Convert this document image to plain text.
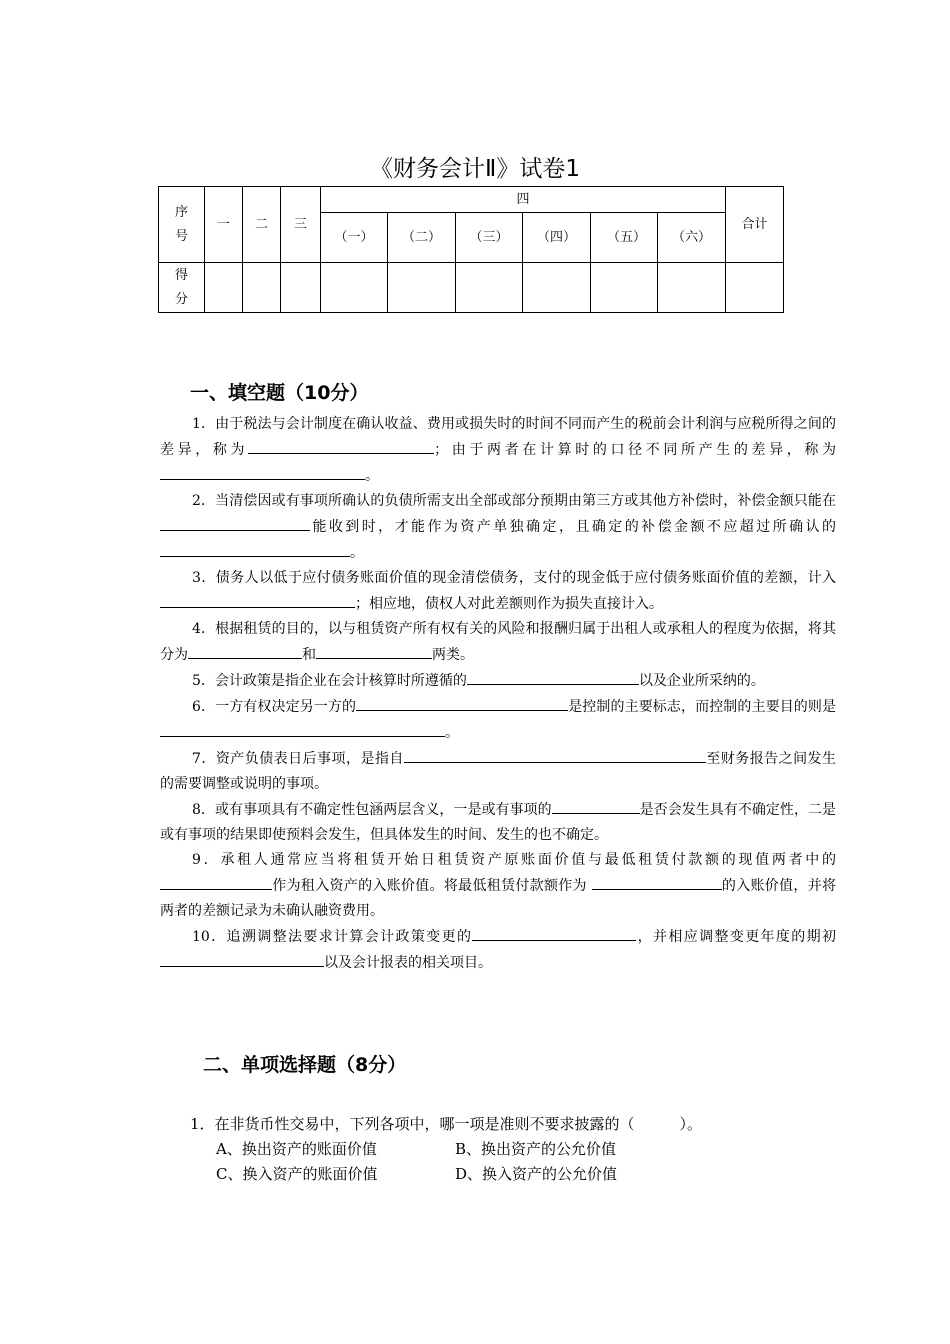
《财务会计Ⅱ》试卷1
序号	一	二	三	四						合计
				（一）	（二）	（三）	（四）	（五）	（六）	
得分										
一、填空题（10分）

1．由于税法与会计制度在确认收益、费用或损失时的时间不同而产生的税前会计利润与应税所得之间的差异，称为	；由于两者在计算时的口径不同所产生的差异，称为。

2．当清偿因或有事项所确认的负债所需支出全部或部分预期由第三方或其他方补偿时，补偿金额只能在能收到时，才能作为资产单独确定，且确定的补偿金额不应超过所确认的。

3．债务人以低于应付债务账面价值的现金清偿债务，支付的现金低于应付债务账面价值的差额，计入；相应地，债权人对此差额则作为损失直接计入。

4．根据租赁的目的，以与租赁资产所有权有关的风险和报酬归属于出租人或承租人的程度为依据，将其分为	和	两类。

5．会计政策是指企业在会计核算时所遵循的	以及企业所采纳的。

6．一方有权决定另一方的	是控制的主要标志，而控制的主要目的则是。

7．资产负债表日后事项，是指自	至财务报告之间发生的需要调整或说明的事项。

8．或有事项具有不确定性包涵两层含义，一是或有事项的	是否会发生具有不确定性，二是或有事项的结果即使预料会发生，但具体发生的时间、发生的也不确定。

9．承租人通常应当将租赁开始日租赁资产原账面价值与最低租赁付款额的现值两者中的作为租入资产的入账价值。将最低租赁付款额作为	的入账价值，并将两者的差额记录为未确认融资费用。

10．追溯调整法要求计算会计政策变更的	，并相应调整变更年度的期初以及会计报表的相关项目。

二、单项选择题（8分）
1．在非货币性交易中，下列各项中，哪一项是准则不要求披露的（　　　）。
A、换出资产的账面价值	B、换出资产的公允价值
C、换入资产的账面价值	D、换入资产的公允价值
